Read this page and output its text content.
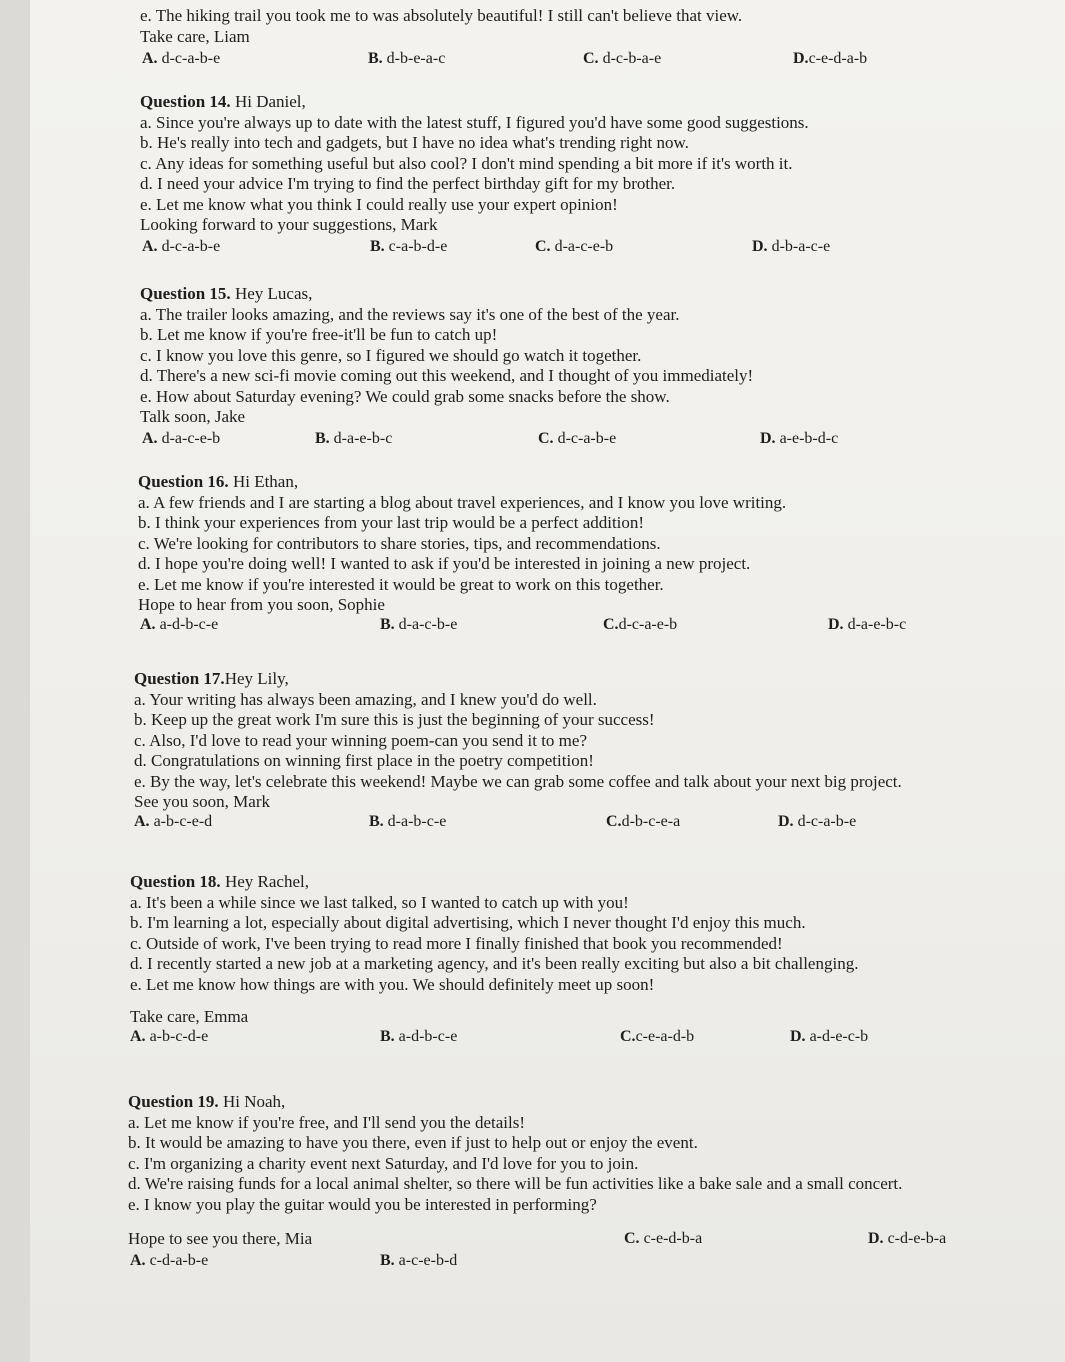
e. The hiking trail you took me to was absolutely beautiful! I still can't believe that view.
Take care, Liam
A. d-c-a-b-e	B. d-b-e-a-c	C. d-c-b-a-e	D.c-e-d-a-b
Question 14. Hi Daniel,
a. Since you're always up to date with the latest stuff, I figured you'd have some good suggestions.
b. He's really into tech and gadgets, but I have no idea what's trending right now.
c. Any ideas for something useful but also cool? I don't mind spending a bit more if it's worth it.
d. I need your advice I'm trying to find the perfect birthday gift for my brother.
e. Let me know what you think I could really use your expert opinion!
Looking forward to your suggestions, Mark
A. d-c-a-b-e	B. c-a-b-d-e	C. d-a-c-e-b	D. d-b-a-c-e
Question 15. Hey Lucas,
a. The trailer looks amazing, and the reviews say it's one of the best of the year.
b. Let me know if you're free-it'll be fun to catch up!
c. I know you love this genre, so I figured we should go watch it together.
d. There's a new sci-fi movie coming out this weekend, and I thought of you immediately!
e. How about Saturday evening? We could grab some snacks before the show.
Talk soon, Jake
A. d-a-c-e-b	B. d-a-e-b-c	C. d-c-a-b-e	D. a-e-b-d-c
Question 16. Hi Ethan,
a. A few friends and I are starting a blog about travel experiences, and I know you love writing.
b. I think your experiences from your last trip would be a perfect addition!
c. We're looking for contributors to share stories, tips, and recommendations.
d. I hope you're doing well! I wanted to ask if you'd be interested in joining a new project.
e. Let me know if you're interested it would be great to work on this together.
Hope to hear from you soon, Sophie
A. a-d-b-c-e	B. d-a-c-b-e	C.d-c-a-e-b	D. d-a-e-b-c
Question 17.Hey Lily,
a. Your writing has always been amazing, and I knew you'd do well.
b. Keep up the great work I'm sure this is just the beginning of your success!
c. Also, I'd love to read your winning poem-can you send it to me?
d. Congratulations on winning first place in the poetry competition!
e. By the way, let's celebrate this weekend! Maybe we can grab some coffee and talk about your next big project.
See you soon, Mark
A. a-b-c-e-d	B. d-a-b-c-e	C.d-b-c-e-a	D. d-c-a-b-e
Question 18. Hey Rachel,
a. It's been a while since we last talked, so I wanted to catch up with you!
b. I'm learning a lot, especially about digital advertising, which I never thought I'd enjoy this much.
c. Outside of work, I've been trying to read more I finally finished that book you recommended!
d. I recently started a new job at a marketing agency, and it's been really exciting but also a bit challenging.
e. Let me know how things are with you. We should definitely meet up soon!
Take care, Emma
A. a-b-c-d-e	B. a-d-b-c-e	C.c-e-a-d-b	D. a-d-e-c-b
Question 19. Hi Noah,
a. Let me know if you're free, and I'll send you the details!
b. It would be amazing to have you there, even if just to help out or enjoy the event.
c. I'm organizing a charity event next Saturday, and I'd love for you to join.
d. We're raising funds for a local animal shelter, so there will be fun activities like a bake sale and a small concert.
e. I know you play the guitar would you be interested in performing?
Hope to see you there, Mia
A. c-d-a-b-e	B. a-c-e-b-d
C. c-e-d-b-a	D. c-d-e-b-a
